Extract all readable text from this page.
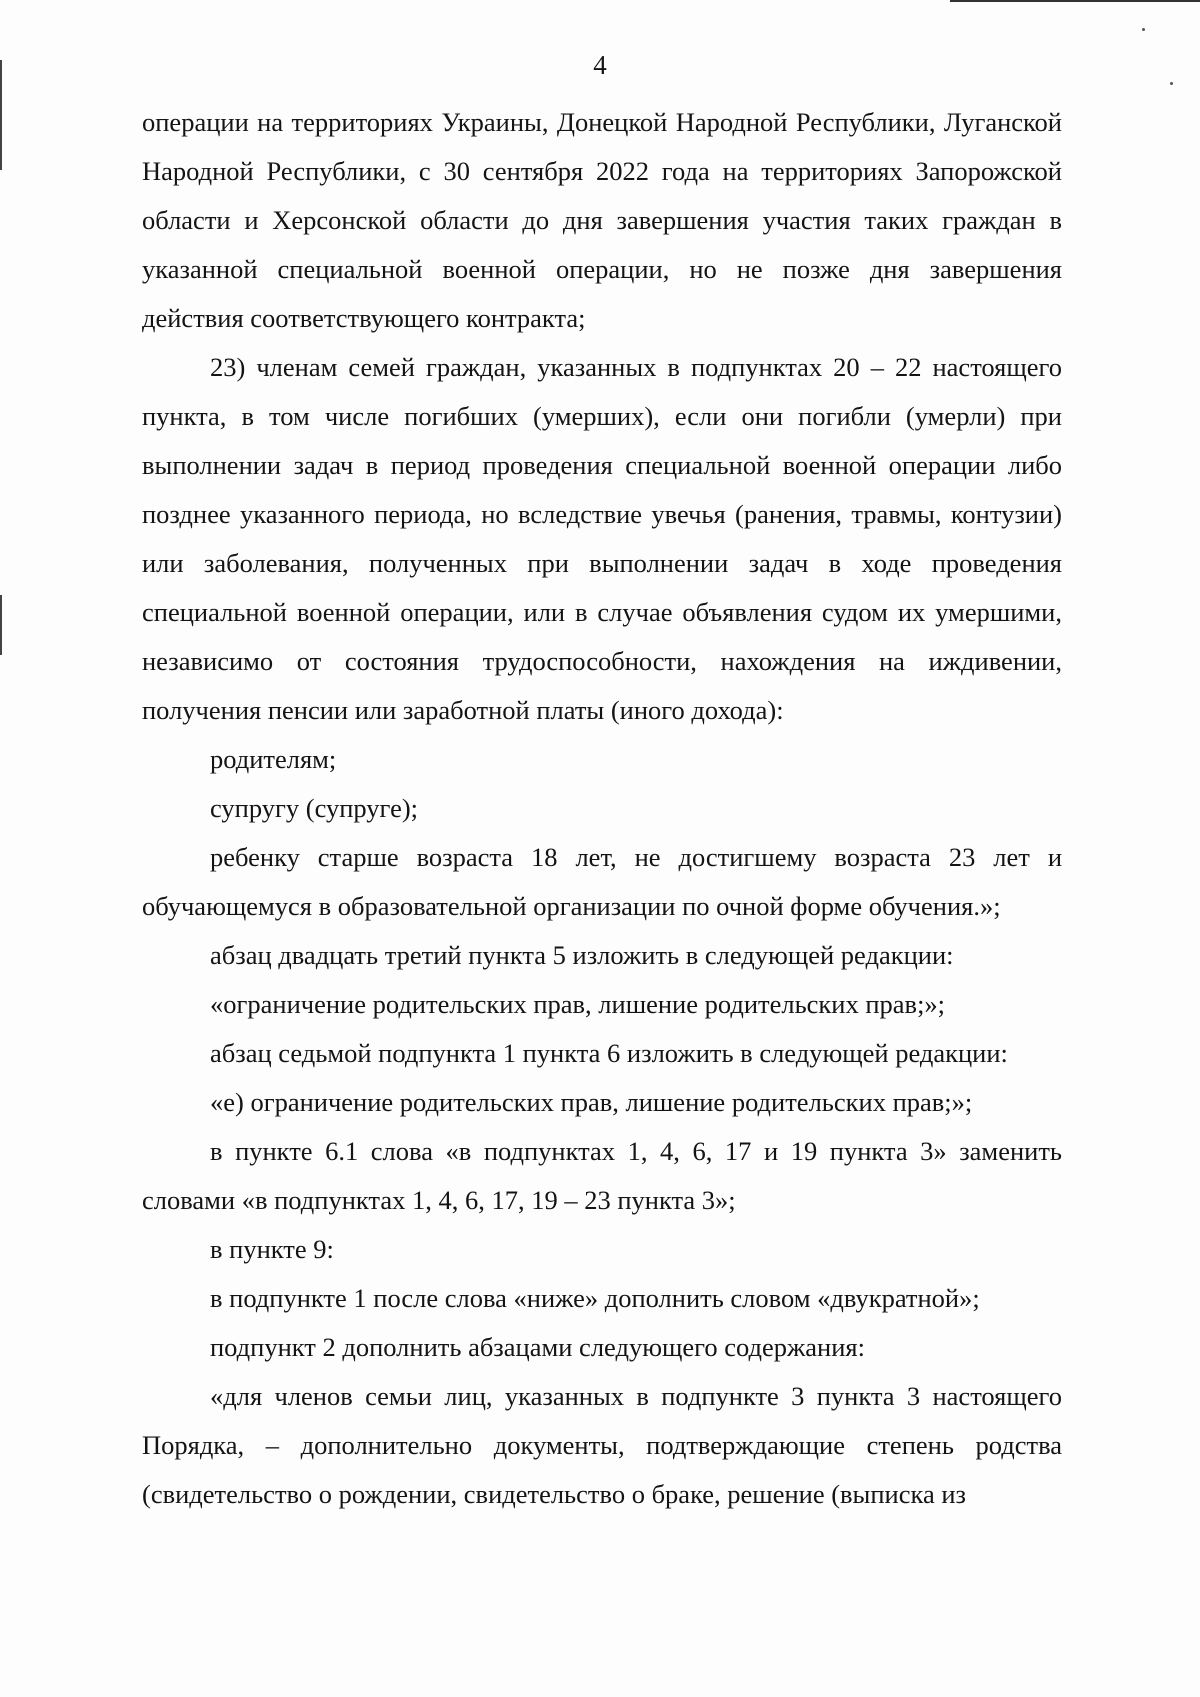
4

операции на территориях Украины, Донецкой Народной Республики, Луганской Народной Республики, с 30 сентября 2022 года на территориях Запорожской области и Херсонской области до дня завершения участия таких граждан в указанной специальной военной операции, но не позже дня завершения действия соответствующего контракта;

23) членам семей граждан, указанных в подпунктах 20 – 22 настоящего пункта, в том числе погибших (умерших), если они погибли (умерли) при выполнении задач в период проведения специальной военной операции либо позднее указанного периода, но вследствие увечья (ранения, травмы, контузии) или заболевания, полученных при выполнении задач в ходе проведения специальной военной операции, или в случае объявления судом их умершими, независимо от состояния трудоспособности, нахождения на иждивении, получения пенсии или заработной платы (иного дохода):

родителям;

супругу (супруге);

ребенку старше возраста 18 лет, не достигшему возраста 23 лет и обучающемуся в образовательной организации по очной форме обучения.»;

абзац двадцать третий пункта 5 изложить в следующей редакции:

«ограничение родительских прав, лишение родительских прав;»;

абзац седьмой подпункта 1 пункта 6 изложить в следующей редакции:

«е) ограничение родительских прав, лишение родительских прав;»;

в пункте 6.1 слова «в подпунктах 1, 4, 6, 17 и 19 пункта 3» заменить словами «в подпунктах 1, 4, 6, 17, 19 – 23 пункта 3»;

в пункте 9:

в подпункте 1 после слова «ниже» дополнить словом «двукратной»;

подпункт 2 дополнить абзацами следующего содержания:

«для членов семьи лиц, указанных в подпункте 3 пункта 3 настоящего Порядка, – дополнительно документы, подтверждающие степень родства (свидетельство о рождении, свидетельство о браке, решение (выписка из
